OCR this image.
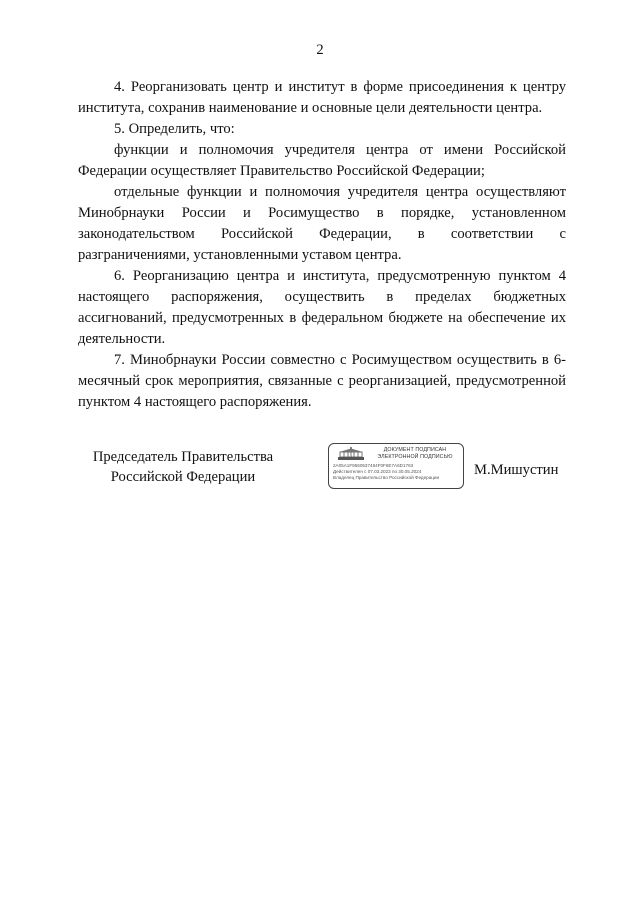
2

4. Реорганизовать центр и институт в форме присоединения к центру института, сохранив наименование и основные цели деятельности центра.

5. Определить, что:

функции и полномочия учредителя центра от имени Российской Федерации осуществляет Правительство Российской Федерации;

отдельные функции и полномочия учредителя центра осуществляют Минобрнауки России и Росимущество в порядке, установленном законодательством Российской Федерации, в соответствии с разграничениями, установленными уставом центра.

6. Реорганизацию центра и института, предусмотренную пунктом 4 настоящего распоряжения, осуществить в пределах бюджетных ассигнований, предусмотренных в федеральном бюджете на обеспечение их деятельности.

7. Минобрнауки России совместно с Росимуществом осуществить в 6-месячный срок мероприятия, связанные с реорганизацией, предусмотренной пунктом 4 настоящего распоряжения.

Председатель Правительства
Российской Федерации
ДОКУМЕНТ ПОДПИСАН
ЭЛЕКТРОННОЙ ПОДПИСЬЮ
2A05A1F9560537464F0F6E7A6D1763
Действителен с 07.03.2023 по 30.05.2024
Владелец Правительство Российской Федерации	М.Мишустин
